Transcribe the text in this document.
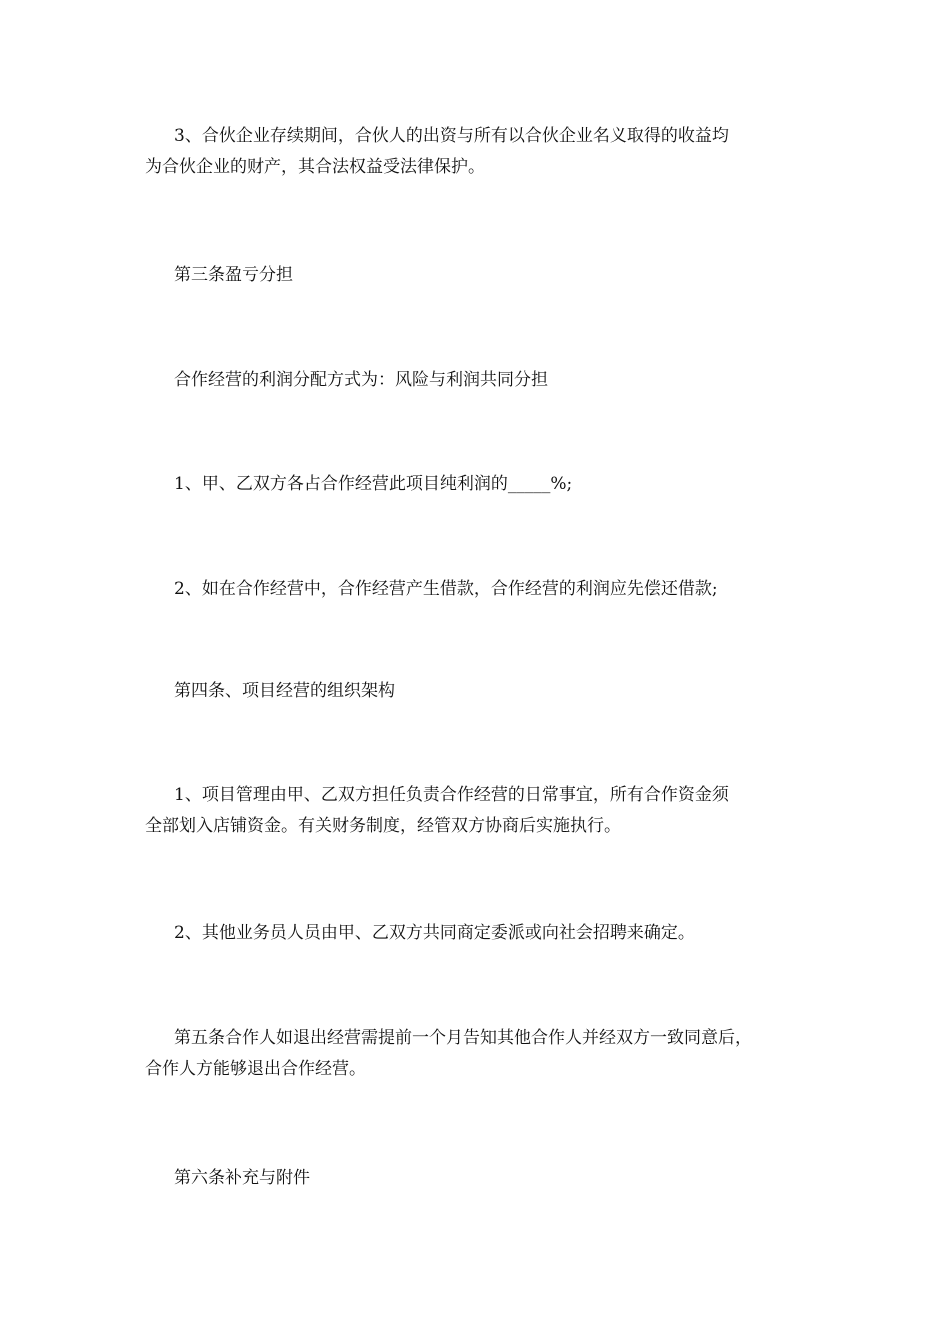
3、合伙企业存续期间，合伙人的出资与所有以合伙企业名义取得的收益均
为合伙企业的财产，其合法权益受法律保护。

第三条盈亏分担

合作经营的利润分配方式为：风险与利润共同分担

1、甲、乙双方各占合作经营此项目纯利润的_____%;

2、如在合作经营中，合作经营产生借款，合作经营的利润应先偿还借款;

第四条、项目经营的组织架构

1、项目管理由甲、乙双方担任负责合作经营的日常事宜，所有合作资金须
全部划入店铺资金。有关财务制度，经管双方协商后实施执行。

2、其他业务员人员由甲、乙双方共同商定委派或向社会招聘来确定。

第五条合作人如退出经营需提前一个月告知其他合作人并经双方一致同意后，
合作人方能够退出合作经营。

第六条补充与附件
